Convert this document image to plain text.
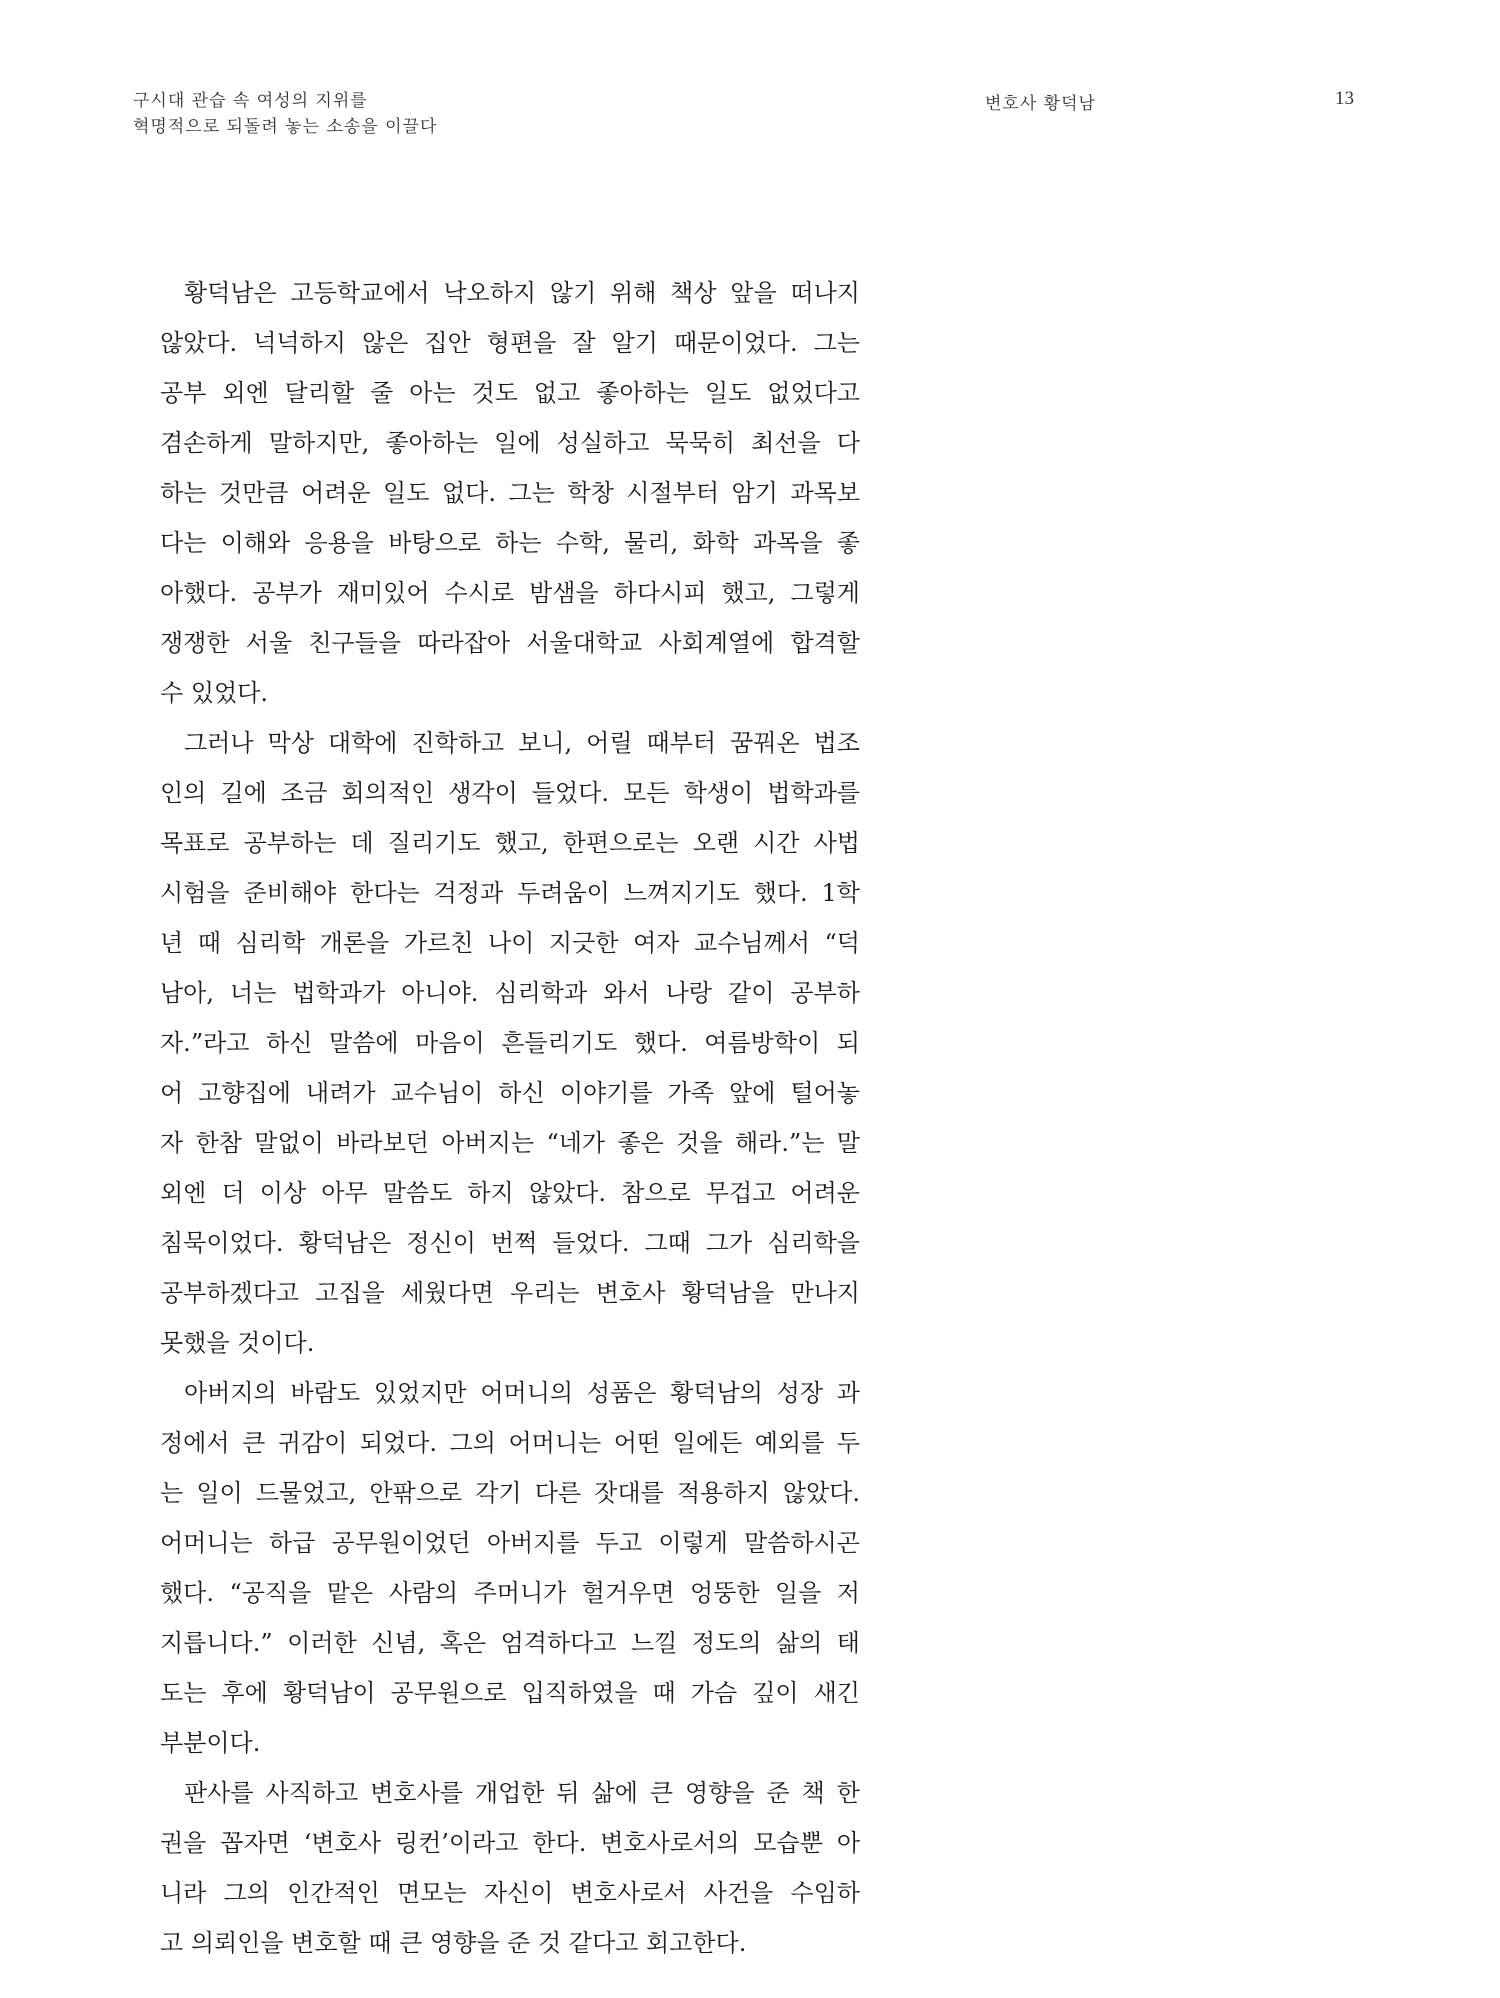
구시대 관습 속 여성의 지위를
혁명적으로 되돌려 놓는 소송을 이끌다
변호사 황덕남	13
황덕남은 고등학교에서 낙오하지 않기 위해 책상 앞을 떠나지
않았다. 넉넉하지 않은 집안 형편을 잘 알기 때문이었다. 그는
공부 외엔 달리할 줄 아는 것도 없고 좋아하는 일도 없었다고
겸손하게 말하지만, 좋아하는 일에 성실하고 묵묵히 최선을 다
하는 것만큼 어려운 일도 없다. 그는 학창 시절부터 암기 과목보
다는 이해와 응용을 바탕으로 하는 수학, 물리, 화학 과목을 좋
아했다. 공부가 재미있어 수시로 밤샘을 하다시피 했고, 그렇게
쟁쟁한 서울 친구들을 따라잡아 서울대학교 사회계열에 합격할
수 있었다.
그러나 막상 대학에 진학하고 보니, 어릴 때부터 꿈꿔온 법조
인의 길에 조금 회의적인 생각이 들었다. 모든 학생이 법학과를
목표로 공부하는 데 질리기도 했고, 한편으로는 오랜 시간 사법
시험을 준비해야 한다는 걱정과 두려움이 느껴지기도 했다. 1학
년 때 심리학 개론을 가르친 나이 지긋한 여자 교수님께서 “덕
남아, 너는 법학과가 아니야. 심리학과 와서 나랑 같이 공부하
자.”라고 하신 말씀에 마음이 흔들리기도 했다. 여름방학이 되
어 고향집에 내려가 교수님이 하신 이야기를 가족 앞에 털어놓
자 한참 말없이 바라보던 아버지는 “네가 좋은 것을 해라.”는 말
외엔 더 이상 아무 말씀도 하지 않았다. 참으로 무겁고 어려운
침묵이었다. 황덕남은 정신이 번쩍 들었다. 그때 그가 심리학을
공부하겠다고 고집을 세웠다면 우리는 변호사 황덕남을 만나지
못했을 것이다.
아버지의 바람도 있었지만 어머니의 성품은 황덕남의 성장 과
정에서 큰 귀감이 되었다. 그의 어머니는 어떤 일에든 예외를 두
는 일이 드물었고, 안팎으로 각기 다른 잣대를 적용하지 않았다.
어머니는 하급 공무원이었던 아버지를 두고 이렇게 말씀하시곤
했다. “공직을 맡은 사람의 주머니가 헐거우면 엉뚱한 일을 저
지릅니다.” 이러한 신념, 혹은 엄격하다고 느낄 정도의 삶의 태
도는 후에 황덕남이 공무원으로 입직하였을 때 가슴 깊이 새긴
부분이다.
판사를 사직하고 변호사를 개업한 뒤 삶에 큰 영향을 준 책 한
권을 꼽자면 ‘변호사 링컨’이라고 한다. 변호사로서의 모습뿐 아
니라 그의 인간적인 면모는 자신이 변호사로서 사건을 수임하
고 의뢰인을 변호할 때 큰 영향을 준 것 같다고 회고한다.
